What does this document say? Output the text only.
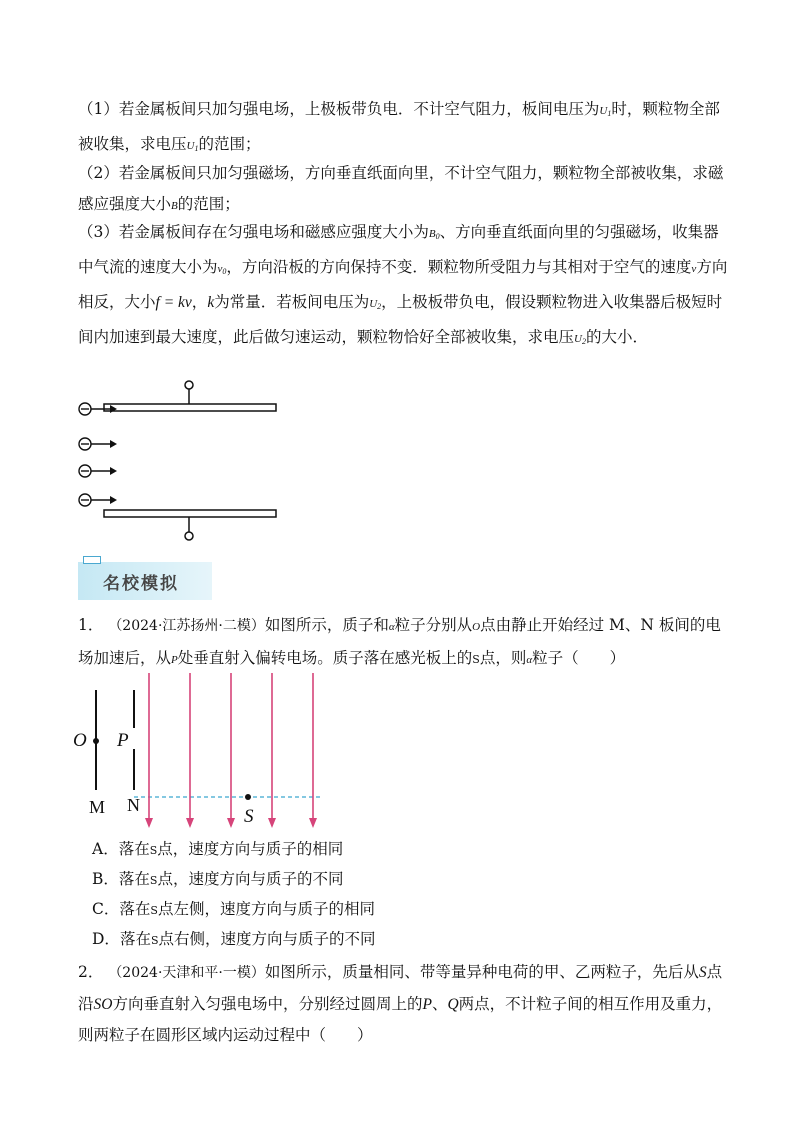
（1）若金属板间只加匀强电场，上极板带负电．不计空气阻力，板间电压为$U_1$时，颗粒物全部被收集，求电压$U_1$的范围；
（2）若金属板间只加匀强磁场，方向垂直纸面向里，不计空气阻力，颗粒物全部被收集，求磁感应强度大小B的范围；
（3）若金属板间存在匀强电场和磁感应强度大小为$B_0$、方向垂直纸面向里的匀强磁场，收集器中气流的速度大小为$v_0$，方向沿板的方向保持不变．颗粒物所受阻力与其相对于空气的速度v方向相反，大小f = kv，k为常量．若板间电压为$U_2$，上极板带负电，假设颗粒物进入收集器后极短时间内加速到最大速度，此后做匀速运动，颗粒物恰好全部被收集，求电压$U_2$的大小．
O P
M N
S
名校模拟
1． （2024·江苏扬州·二模）如图所示，质子和α粒子分别从O点由静止开始经过 M、N 板间的电场加速后，从P处垂直射入偏转电场。质子落在感光板上的S点，则α粒子（　　）
A．落在S点，速度方向与质子的相同
B．落在S点，速度方向与质子的不同
C．落在S点左侧，速度方向与质子的相同
D．落在S点右侧，速度方向与质子的不同
2． （2024·天津和平·一模）如图所示，质量相同、带等量异种电荷的甲、乙两粒子，先后从S点沿SO方向垂直射入匀强电场中，分别经过圆周上的P、Q两点，不计粒子间的相互作用及重力，则两粒子在圆形区域内运动过程中（　　）
